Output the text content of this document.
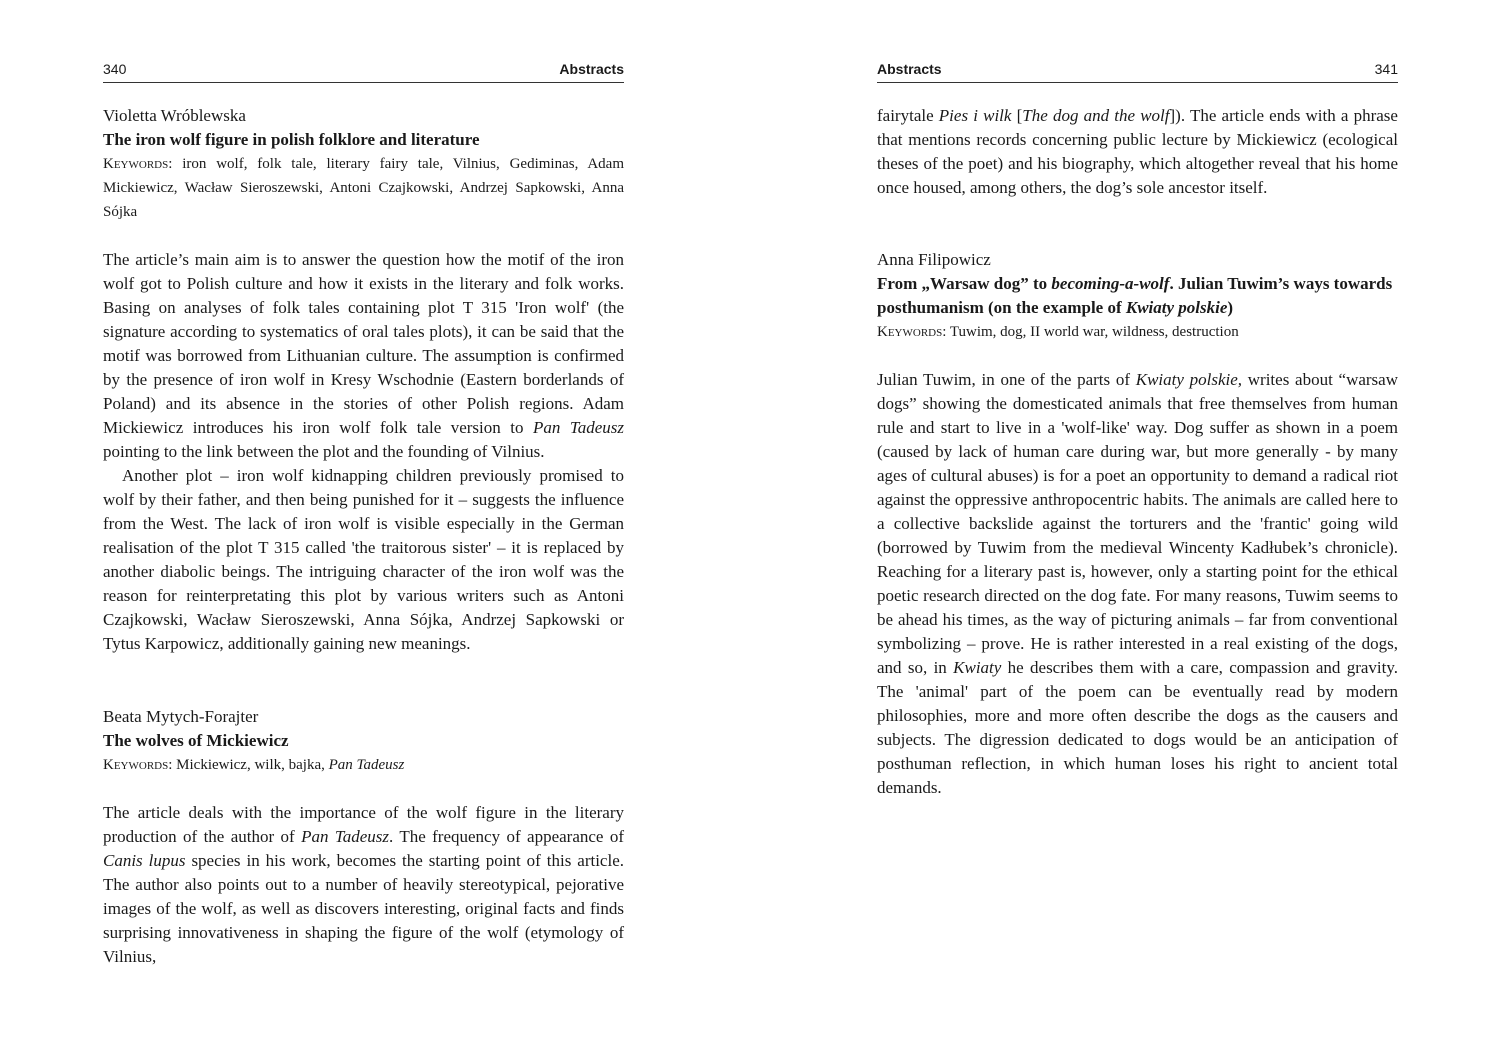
340	Abstracts
Violetta Wróblewska
The iron wolf figure in polish folklore and literature
Keywords: iron wolf, folk tale, literary fairy tale, Vilnius, Gediminas, Adam Mickiewicz, Wacław Sieroszewski, Antoni Czajkowski, Andrzej Sapkowski, Anna Sójka

The article’s main aim is to answer the question how the motif of the iron wolf got to Polish culture and how it exists in the literary and folk works. Basing on analyses of folk tales containing plot T 315 'Iron wolf' (the signature according to systematics of oral tales plots), it can be said that the motif was borrowed from Lithuanian culture. The assumption is confirmed by the presence of iron wolf in Kresy Wschodnie (Eastern borderlands of Poland) and its absence in the stories of other Polish regions. Adam Mickiewicz introduces his iron wolf folk tale version to Pan Tadeusz pointing to the link between the plot and the founding of Vilnius.

Another plot – iron wolf kidnapping children previously promised to wolf by their father, and then being punished for it – suggests the influence from the West. The lack of iron wolf is visible especially in the German realisation of the plot T 315 called 'the traitorous sister' – it is replaced by another diabolic beings. The intriguing character of the iron wolf was the reason for reinterpretating this plot by various writers such as Antoni Czajkowski, Wacław Sieroszewski, Anna Sójka, Andrzej Sapkowski or Tytus Karpowicz, additionally gaining new meanings.

Beata Mytych-Forajter
The wolves of Mickiewicz
Keywords: Mickiewicz, wilk, bajka, Pan Tadeusz

The article deals with the importance of the wolf figure in the literary production of the author of Pan Tadeusz. The frequency of appearance of Canis lupus species in his work, becomes the starting point of this article. The author also points out to a number of heavily stereotypical, pejorative images of the wolf, as well as discovers interesting, original facts and finds surprising innovativeness in shaping the figure of the wolf (etymology of Vilnius,

Abstracts	341

fairytale Pies i wilk [The dog and the wolf]). The article ends with a phrase that mentions records concerning public lecture by Mickiewicz (ecological theses of the poet) and his biography, which altogether reveal that his home once housed, among others, the dog’s sole ancestor itself.

Anna Filipowicz
From „Warsaw dog” to becoming-a-wolf. Julian Tuwim’s ways towards posthumanism (on the example of Kwiaty polskie)
Keywords: Tuwim, dog, II world war, wildness, destruction

Julian Tuwim, in one of the parts of Kwiaty polskie, writes about “warsaw dogs” showing the domesticated animals that free themselves from human rule and start to live in a 'wolf-like' way. Dog suffer as shown in a poem (caused by lack of human care during war, but more generally - by many ages of cultural abuses) is for a poet an opportunity to demand a radical riot against the oppressive anthropocentric habits. The animals are called here to a collective backslide against the torturers and the 'frantic' going wild (borrowed by Tuwim from the medieval Wincenty Kadłubek’s chronicle). Reaching for a literary past is, however, only a starting point for the ethical poetic research directed on the dog fate. For many reasons, Tuwim seems to be ahead his times, as the way of picturing animals – far from conventional symbolizing – prove. He is rather interested in a real existing of the dogs, and so, in Kwiaty he describes them with a care, compassion and gravity. The 'animal' part of the poem can be eventually read by modern philosophies, more and more often describe the dogs as the causers and subjects. The digression dedicated to dogs would be an anticipation of posthuman reflection, in which human loses his right to ancient total demands.
